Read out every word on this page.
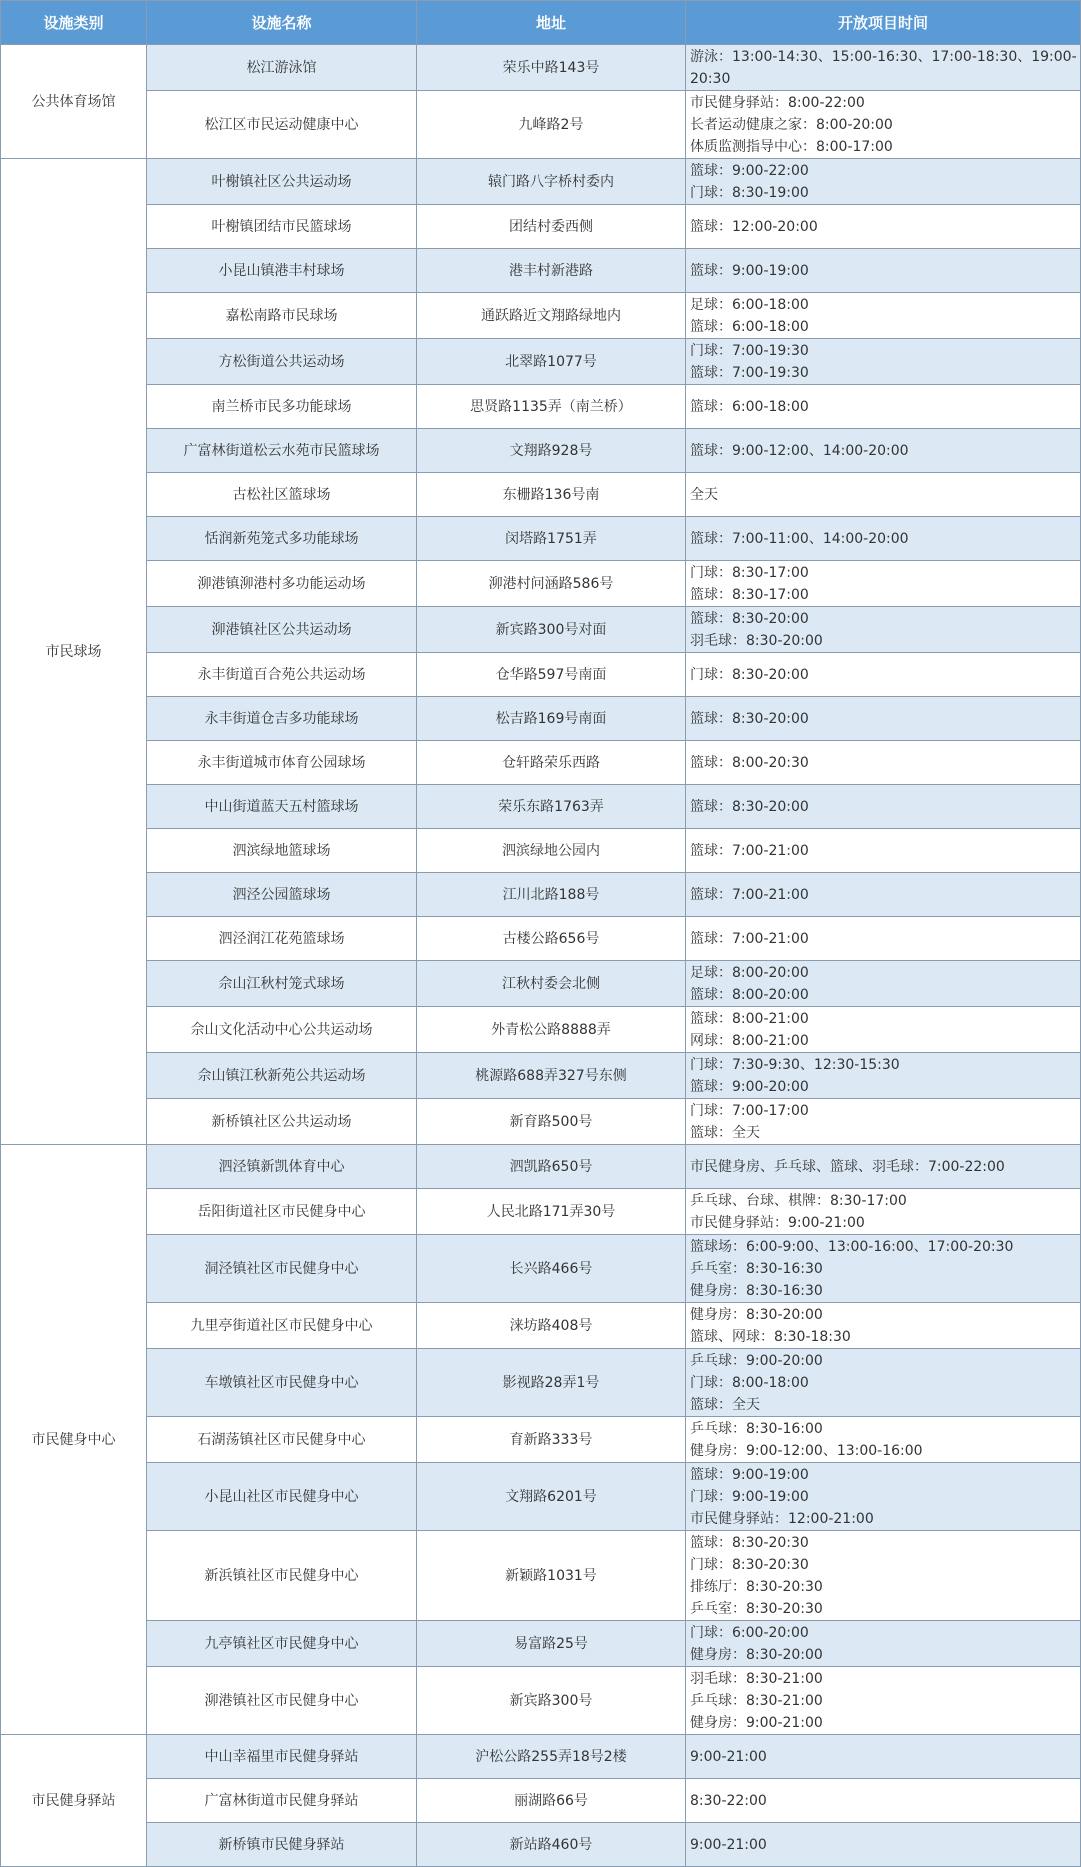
设施类别	设施名称	地址	开放项目时间
公共体育场馆	松江游泳馆	荣乐中路143号	游泳：13:00-14:30、15:00-16:30、17:00-18:30、19:00-
20:30

	松江区市民运动健康中心	九峰路2号	市民健身驿站：8:00-22:00
长者运动健康之家：8:00-20:00
体质监测指导中心：8:00-17:00

市民球场	叶榭镇社区公共运动场	辕门路八字桥村委内	篮球：9:00-22:00
门球：8:30-19:00

	叶榭镇团结市民篮球场	团结村委西侧	篮球：12:00-20:00

	小昆山镇港丰村球场	港丰村新港路	篮球：9:00-19:00

	嘉松南路市民球场	通跃路近文翔路绿地内	足球：6:00-18:00
篮球：6:00-18:00

	方松街道公共运动场	北翠路1077号	门球：7:00-19:30
篮球：7:00-19:30

	南兰桥市民多功能球场	思贤路1135弄（南兰桥）	篮球：6:00-18:00

	广富林街道松云水苑市民篮球场	文翔路928号	篮球：9:00-12:00、14:00-20:00

	古松社区篮球场	东栅路136号南	全天

	恬润新苑笼式多功能球场	闵塔路1751弄	篮球：7:00-11:00、14:00-20:00

	泖港镇泖港村多功能运动场	泖港村问涵路586号	门球：8:30-17:00
篮球：8:30-17:00

	泖港镇社区公共运动场	新宾路300号对面	篮球：8:30-20:00
羽毛球：8:30-20:00

	永丰街道百合苑公共运动场	仓华路597号南面	门球：8:30-20:00

	永丰街道仓吉多功能球场	松吉路169号南面	篮球：8:30-20:00

	永丰街道城市体育公园球场	仓轩路荣乐西路	篮球：8:00-20:30

	中山街道蓝天五村篮球场	荣乐东路1763弄	篮球：8:30-20:00

	泗滨绿地篮球场	泗滨绿地公园内	篮球：7:00-21:00

	泗泾公园篮球场	江川北路188号	篮球：7:00-21:00

	泗泾润江花苑篮球场	古楼公路656号	篮球：7:00-21:00

	佘山江秋村笼式球场	江秋村委会北侧	足球：8:00-20:00
篮球：8:00-20:00

	佘山文化活动中心公共运动场	外青松公路8888弄	篮球：8:00-21:00
网球：8:00-21:00

	佘山镇江秋新苑公共运动场	桃源路688弄327号东侧	门球：7:30-9:30、12:30-15:30
篮球：9:00-20:00

	新桥镇社区公共运动场	新育路500号	门球：7:00-17:00
篮球：全天

市民健身中心	泗泾镇新凯体育中心	泗凯路650号	市民健身房、乒乓球、篮球、羽毛球：7:00-22:00

	岳阳街道社区市民健身中心	人民北路171弄30号	乒乓球、台球、棋牌：8:30-17:00
市民健身驿站：9:00-21:00

	洞泾镇社区市民健身中心	长兴路466号	篮球场：6:00-9:00、13:00-16:00、17:00-20:30
乒乓室：8:30-16:30
健身房：8:30-16:30

	九里亭街道社区市民健身中心	涞坊路408号	健身房：8:30-20:00
篮球、网球：8:30-18:30

	车墩镇社区市民健身中心	影视路28弄1号	乒乓球：9:00-20:00
门球：8:00-18:00
篮球：全天

	石湖荡镇社区市民健身中心	育新路333号	乒乓球：8:30-16:00
健身房：9:00-12:00、13:00-16:00

	小昆山社区市民健身中心	文翔路6201号	篮球：9:00-19:00
门球：9:00-19:00
市民健身驿站：12:00-21:00

	新浜镇社区市民健身中心	新颖路1031号	篮球：8:30-20:30
门球：8:30-20:30
排练厅：8:30-20:30
乒乓室：8:30-20:30

	九亭镇社区市民健身中心	易富路25号	门球：6:00-20:00
健身房：8:30-20:00

	泖港镇社区市民健身中心	新宾路300号	羽毛球：8:30-21:00
乒乓球：8:30-21:00
健身房：9:00-21:00

市民健身驿站	中山幸福里市民健身驿站	沪松公路255弄18号2楼	9:00-21:00

	广富林街道市民健身驿站	丽湖路66号	8:30-22:00

	新桥镇市民健身驿站	新站路460号	9:00-21:00
